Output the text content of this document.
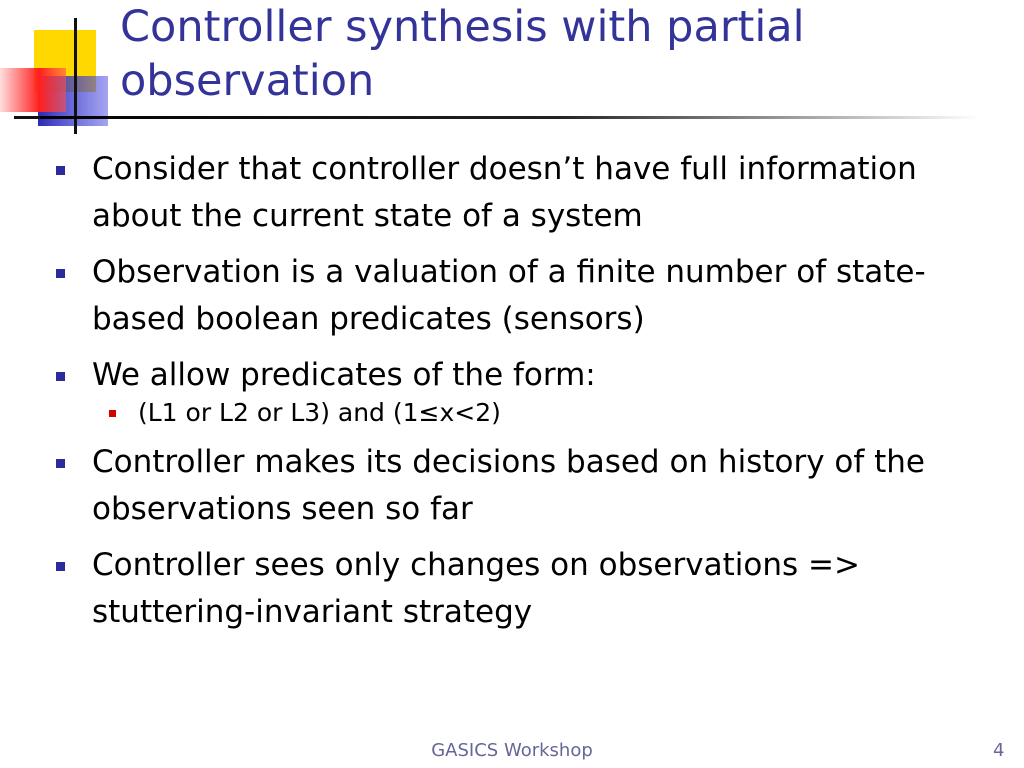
Controller synthesis with partial observation
Consider that controller doesn’t have full information about the current state of a system
Observation is a valuation of a finite number of state-based boolean predicates (sensors)
We allow predicates of the form:
(L1 or L2 or L3) and (1≤x<2)
Controller makes its decisions based on history of the observations seen so far
Controller sees only changes on observations => stuttering-invariant strategy
GASICS Workshop	4
